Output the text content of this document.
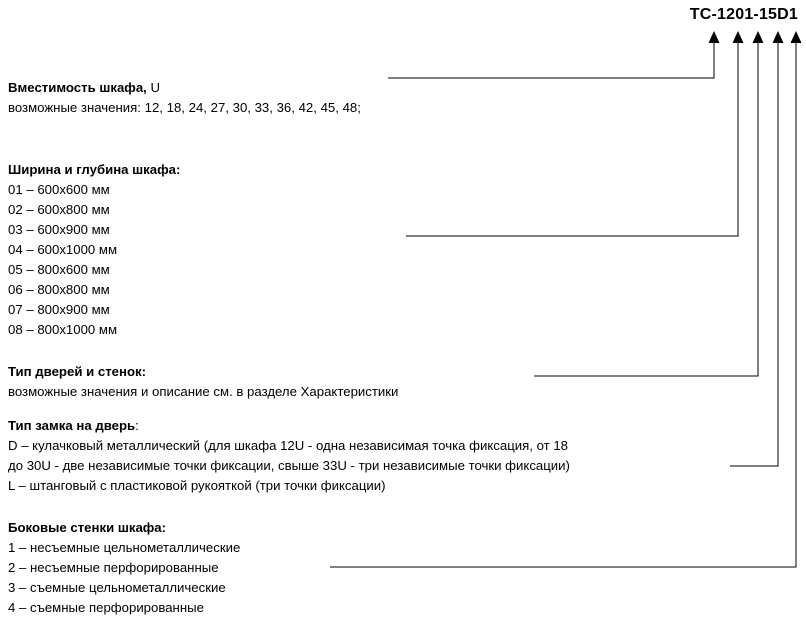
TC-1201-15D1
Вместимость шкафа, U
возможные значения: 12, 18, 24, 27, 30, 33, 36, 42, 45, 48;
Ширина и глубина шкафа:
01 – 600x600 мм
02 – 600x800 мм
03 – 600x900 мм
04 – 600x1000 мм
05 – 800x600 мм
06 – 800x800 мм
07 – 800x900 мм
08 – 800x1000 мм
Тип дверей и стенок:
возможные значения и описание см. в разделе Характеристики
Тип замка на дверь:
D – кулачковый металлический (для шкафа 12U - одна независимая точка фиксация, от 18
до 30U - две независимые точки фиксации, свыше 33U - три независимые точки фиксации)
L – штанговый с пластиковой рукояткой (три точки фиксации)
Боковые стенки шкафа:
1 – несъемные цельнометаллические
2 – несъемные перфорированные
3 – съемные цельнометаллические
4 – съемные перфорированные
